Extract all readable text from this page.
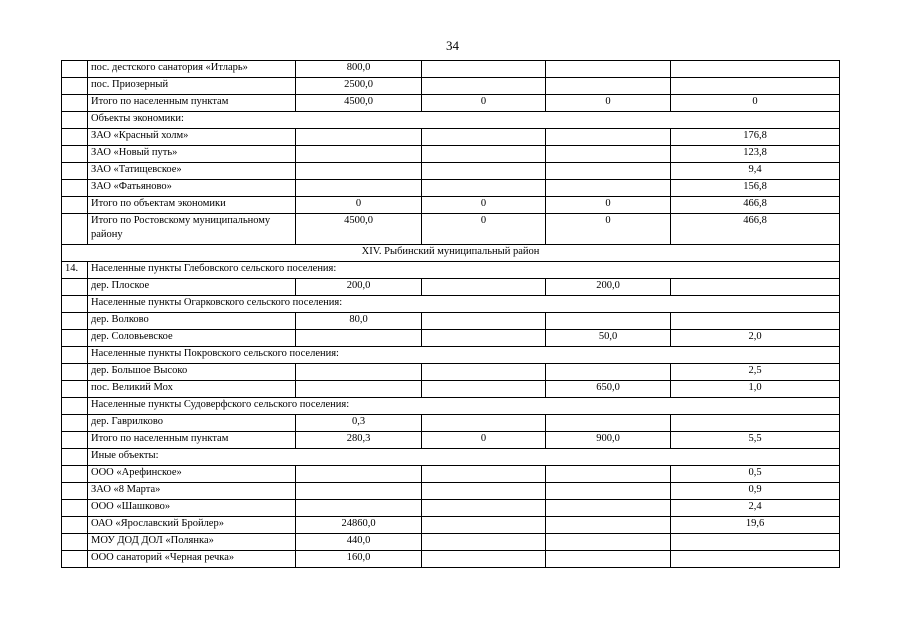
34
	пос. дестского санатория «Итларь»	800,0			
	пос. Приозерный	2500,0			
	Итого по населенным пунктам	4500,0	0	0	0
	Объекты экономики:				
	ЗАО «Красный холм»				176,8
	ЗАО «Новый путь»				123,8
	ЗАО «Татищевское»				9,4
	ЗАО «Фатьяново»				156,8
	Итого по объектам экономики	0	0	0	466,8
	Итого по Ростовскому муниципальному району	4500,0	0	0	466,8
XIV. Рыбинский муниципальный район					
14.	Населенные пункты Глебовского сельского поселения:				
	дер. Плоское	200,0		200,0	
	Населенные пункты Огарковского сельского поселения:				
	дер. Волково	80,0			
	дер. Соловьевское			50,0	2,0
	Населенные пункты Покровского сельского поселения:				
	дер. Большое Высоко				2,5
	пос. Великий Мох			650,0	1,0
	Населенные пункты Судоверфского сельского поселения:				
	дер. Гаврилково	0,3			
	Итого по населенным пунктам	280,3	0	900,0	5,5
	Иные объекты:				
	ООО «Арефинское»				0,5
	ЗАО «8 Марта»				0,9
	ООО «Шашково»				2,4
	ОАО «Ярославский Бройлер»	24860,0			19,6
	МОУ ДОД ДОЛ «Полянка»	440,0			
	ООО санаторий «Черная речка»	160,0			
